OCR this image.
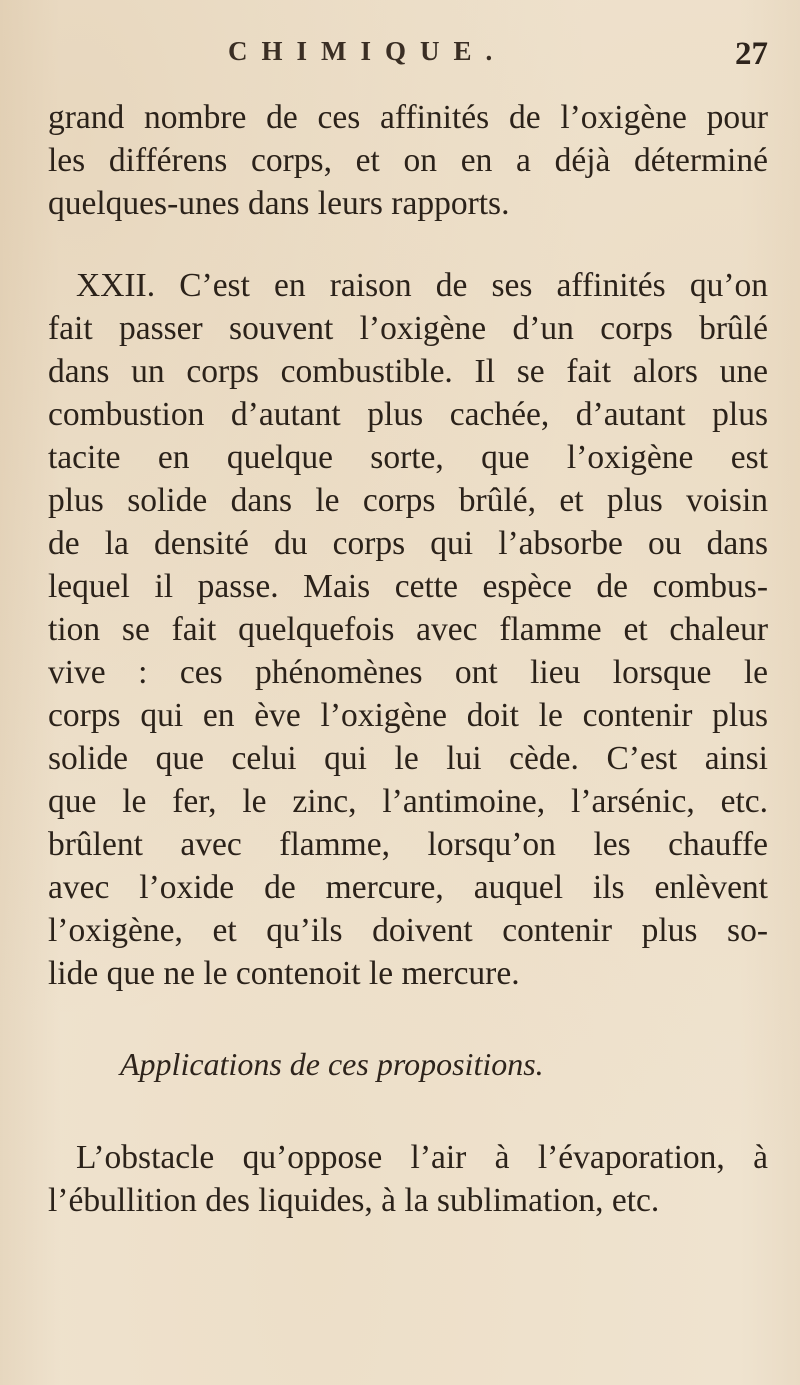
CHIMIQUE.	27
grand nombre de ces affinités de l’oxigène pour
les différens corps, et on en a déjà déterminé
quelques-unes dans leurs rapports.
XXII. C’est en raison de ses affinités qu’on
fait passer souvent l’oxigène d’un corps brûlé
dans un corps combustible. Il se fait alors une
combustion d’autant plus cachée, d’autant plus
tacite en quelque sorte, que l’oxigène est
plus solide dans le corps brûlé, et plus voisin
de la densité du corps qui l’absorbe ou dans
lequel il passe. Mais cette espèce de combus-
tion se fait quelquefois avec flamme et chaleur
vive : ces phénomènes ont lieu lorsque le
corps qui en ève l’oxigène doit le contenir plus
solide que celui qui le lui cède. C’est ainsi
que le fer, le zinc, l’antimoine, l’arsénic, etc.
brûlent avec flamme, lorsqu’on les chauffe
avec l’oxide de mercure, auquel ils enlèvent
l’oxigène, et qu’ils doivent contenir plus so-
lide que ne le contenoit le mercure.
Applications de ces propositions.
L’obstacle qu’oppose l’air à l’évaporation, à
l’ébullition des liquides, à la sublimation, etc.
